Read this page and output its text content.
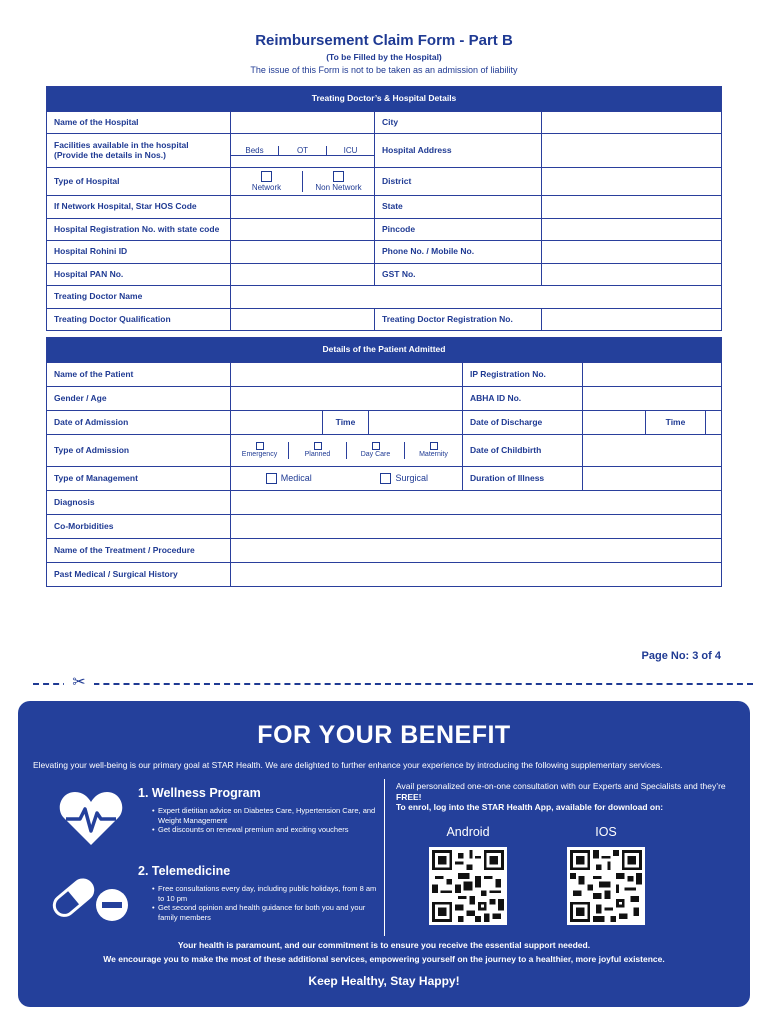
Reimbursement Claim Form - Part B
(To be Filled by the Hospital)
The issue of this Form is not to be taken as an admission of liability
Treating Doctor’s & Hospital Details			
Name of the Hospital		City	
Facilities available in the hospital (Provide the details in Nos.)	Beds OT ICU	Hospital Address	
Type of Hospital	Network Non Network	District	
If Network Hospital, Star HOS Code		State	
Hospital Registration No. with state code		Pincode	
Hospital Rohini ID		Phone No. / Mobile No.	
Hospital PAN No.		GST No.	
Treating Doctor Name			
Treating Doctor Qualification		Treating Doctor Registration No.	
Details of the Patient Admitted							
Name of the Patient				IP Registration No.			
Gender / Age				ABHA ID No.			
Date of Admission		Time		Date of Discharge		Time	
Type of Admission	Emergency Planned Day Care Maternity			Date of Childbirth			
Type of Management	Medical Surgical			Duration of Illness			
Diagnosis							
Co-Morbidities							
Name of the Treatment / Procedure							
Past Medical / Surgical History							
Page No: 3 of 4
✂
FOR YOUR BENEFIT
Elevating your well-being is our primary goal at STAR Health. We are delighted to further enhance your experience by introducing the following supplementary services.
1. Wellness Program
• Expert dietitian advice on Diabetes Care, Hypertension Care, and Weight Management
• Get discounts on renewal premium and exciting vouchers
2. Telemedicine
• Free consultations every day, including public holidays, from 8 am to 10 pm
• Get second opinion and health guidance for both you and your family members
Avail personalized one-on-one consultation with our Experts and Specialists and they’re FREE!
To enrol, log into the STAR Health App, available for download on:
Android	IOS
Your health is paramount, and our commitment is to ensure you receive the essential support needed.
We encourage you to make the most of these additional services, empowering yourself on the journey to a healthier, more joyful existence.
Keep Healthy, Stay Happy!
